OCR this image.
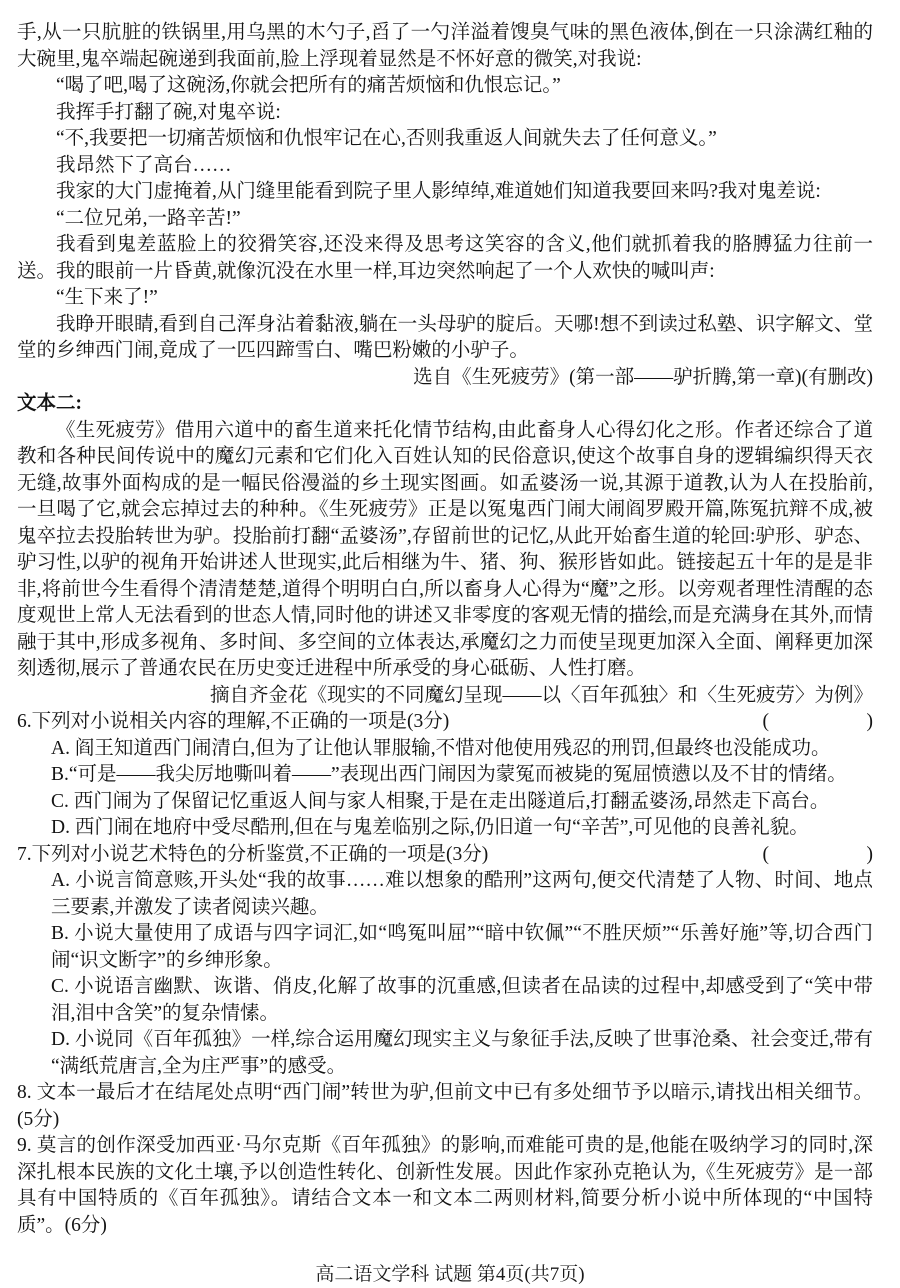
手,从一只肮脏的铁锅里,用乌黑的木勺子,舀了一勺洋溢着馊臭气味的黑色液体,倒在一只涂满红釉的大碗里,鬼卒端起碗递到我面前,脸上浮现着显然是不怀好意的微笑,对我说:

“喝了吧,喝了这碗汤,你就会把所有的痛苦烦恼和仇恨忘记。”

我挥手打翻了碗,对鬼卒说:

“不,我要把一切痛苦烦恼和仇恨牢记在心,否则我重返人间就失去了任何意义。”

我昂然下了高台……

我家的大门虚掩着,从门缝里能看到院子里人影绰绰,难道她们知道我要回来吗?我对鬼差说:

“二位兄弟,一路辛苦!”

我看到鬼差蓝脸上的狡猾笑容,还没来得及思考这笑容的含义,他们就抓着我的胳膊猛力往前一送。我的眼前一片昏黄,就像沉没在水里一样,耳边突然响起了一个人欢快的喊叫声:

“生下来了!”

我睁开眼睛,看到自己浑身沾着黏液,躺在一头母驴的腚后。天哪!想不到读过私塾、识字解文、堂堂的乡绅西门闹,竟成了一匹四蹄雪白、嘴巴粉嫩的小驴子。

选自《生死疲劳》(第一部——驴折腾,第一章)(有删改)

文本二:

《生死疲劳》借用六道中的畜生道来托化情节结构,由此畜身人心得幻化之形。作者还综合了道教和各种民间传说中的魔幻元素和它们化入百姓认知的民俗意识,使这个故事自身的逻辑编织得天衣无缝,故事外面构成的是一幅民俗漫溢的乡土现实图画。如孟婆汤一说,其源于道教,认为人在投胎前,一旦喝了它,就会忘掉过去的种种。《生死疲劳》正是以冤鬼西门闹大闹阎罗殿开篇,陈冤抗辩不成,被鬼卒拉去投胎转世为驴。投胎前打翻“孟婆汤”,存留前世的记忆,从此开始畜生道的轮回:驴形、驴态、驴习性,以驴的视角开始讲述人世现实,此后相继为牛、猪、狗、猴形皆如此。链接起五十年的是是非非,将前世今生看得个清清楚楚,道得个明明白白,所以畜身人心得为“魔”之形。以旁观者理性清醒的态度观世上常人无法看到的世态人情,同时他的讲述又非零度的客观无情的描绘,而是充满身在其外,而情融于其中,形成多视角、多时间、多空间的立体表达,承魔幻之力而使呈现更加深入全面、阐释更加深刻透彻,展示了普通农民在历史变迁进程中所承受的身心砥砺、人性打磨。

摘自齐金花《现实的不同魔幻呈现——以〈百年孤独〉和〈生死疲劳〉为例》

6.下列对小说相关内容的理解,不正确的一项是(3分)	(　　　　　)

A. 阎王知道西门闹清白,但为了让他认罪服输,不惜对他使用残忍的刑罚,但最终也没能成功。

B.“可是——我尖厉地嘶叫着——”表现出西门闹因为蒙冤而被毙的冤屈愤懑以及不甘的情绪。

C. 西门闹为了保留记忆重返人间与家人相聚,于是在走出隧道后,打翻孟婆汤,昂然走下高台。

D. 西门闹在地府中受尽酷刑,但在与鬼差临别之际,仍旧道一句“辛苦”,可见他的良善礼貌。

7.下列对小说艺术特色的分析鉴赏,不正确的一项是(3分)	(　　　　　)

A. 小说言简意赅,开头处“我的故事……难以想象的酷刑”这两句,便交代清楚了人物、时间、地点三要素,并激发了读者阅读兴趣。

B. 小说大量使用了成语与四字词汇,如“鸣冤叫屈”“暗中钦佩”“不胜厌烦”“乐善好施”等,切合西门闹“识文断字”的乡绅形象。

C. 小说语言幽默、诙谐、俏皮,化解了故事的沉重感,但读者在品读的过程中,却感受到了“笑中带泪,泪中含笑”的复杂情愫。

D. 小说同《百年孤独》一样,综合运用魔幻现实主义与象征手法,反映了世事沧桑、社会变迁,带有“满纸荒唐言,全为庄严事”的感受。

8. 文本一最后才在结尾处点明“西门闹”转世为驴,但前文中已有多处细节予以暗示,请找出相关细节。(5分)

9. 莫言的创作深受加西亚·马尔克斯《百年孤独》的影响,而难能可贵的是,他能在吸纳学习的同时,深深扎根本民族的文化土壤,予以创造性转化、创新性发展。因此作家孙克艳认为,《生死疲劳》是一部具有中国特质的《百年孤独》。请结合文本一和文本二两则材料,简要分析小说中所体现的“中国特质”。(6分)

高二语文学科 试题 第4页(共7页)
